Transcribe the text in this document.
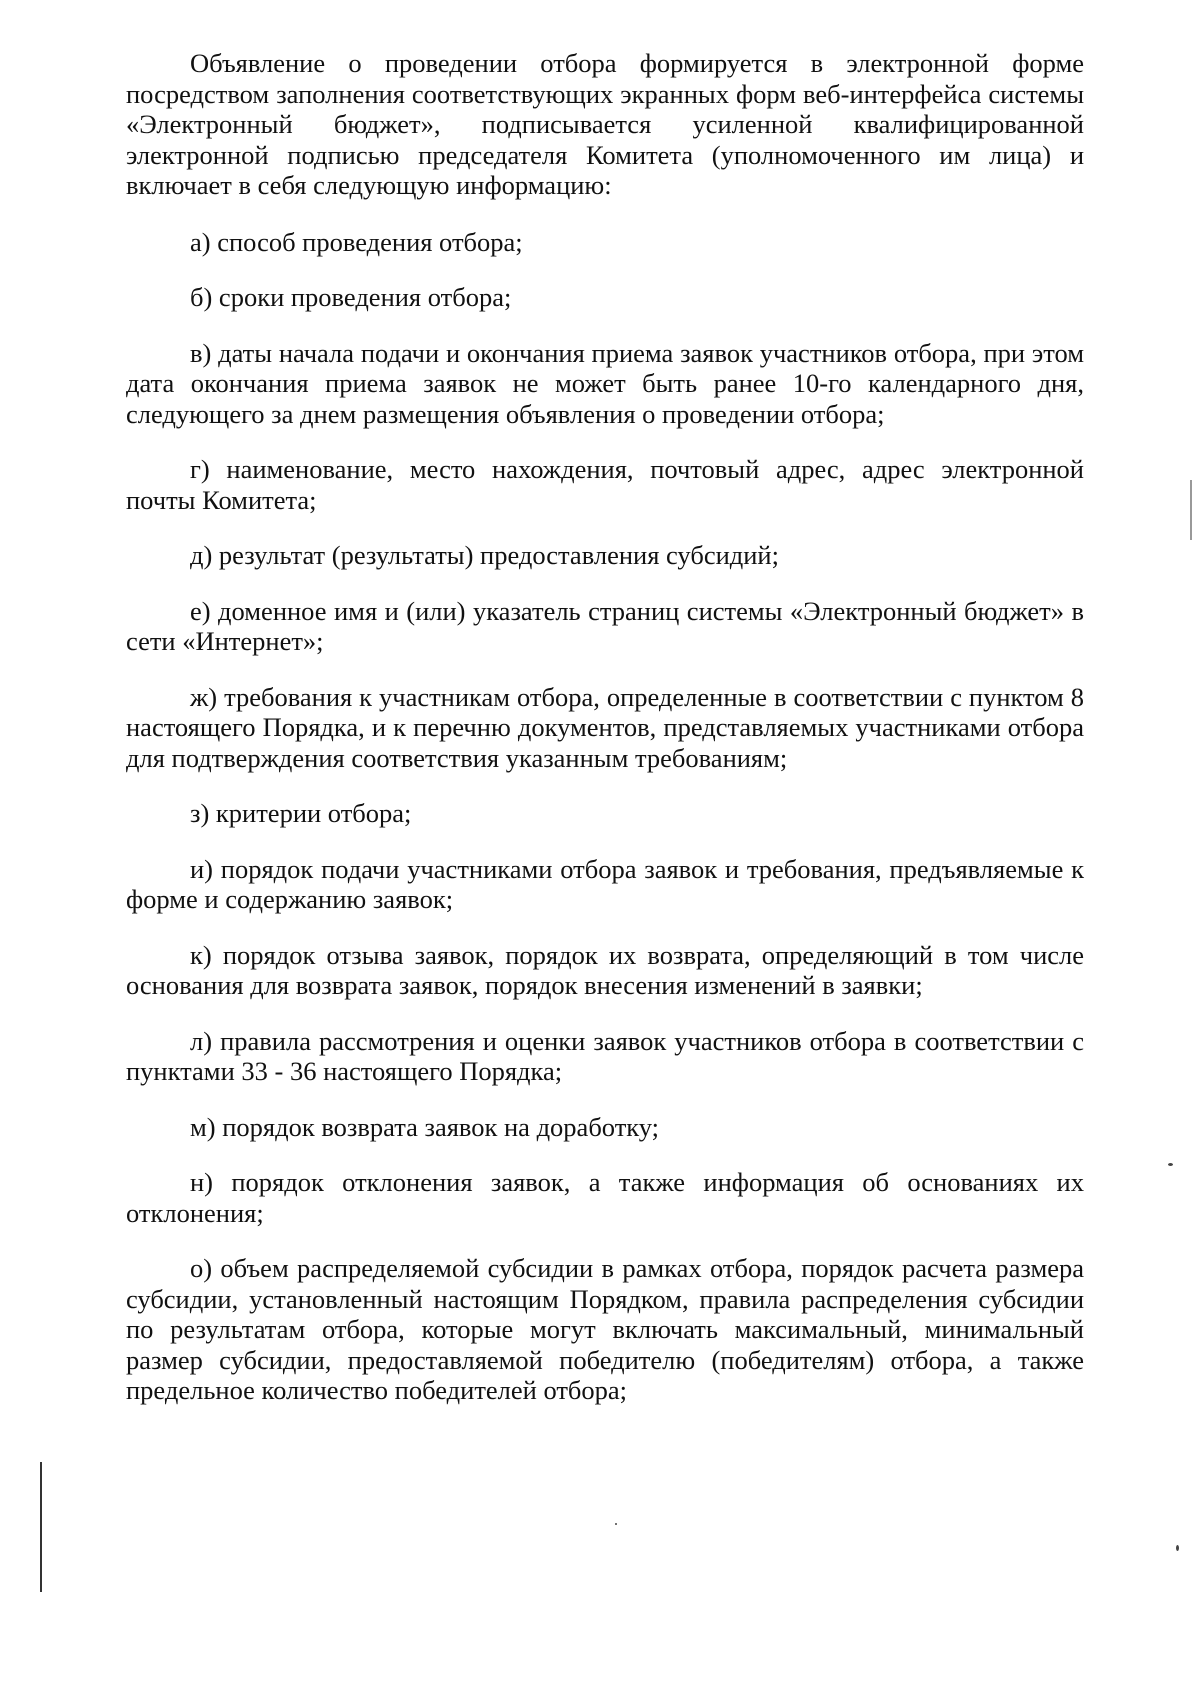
Объявление о проведении отбора формируется в электронной форме посредством заполнения соответствующих экранных форм веб-интерфейса системы «Электронный бюджет», подписывается усиленной квалифицированной электронной подписью председателя Комитета (уполномоченного им лица) и включает в себя следующую информацию:

а) способ проведения отбора;

б) сроки проведения отбора;

в) даты начала подачи и окончания приема заявок участников отбора, при этом дата окончания приема заявок не может быть ранее 10-го календарного дня, следующего за днем размещения объявления о проведении отбора;

г) наименование, место нахождения, почтовый адрес, адрес электронной почты Комитета;

д) результат (результаты) предоставления субсидий;

е) доменное имя и (или) указатель страниц системы «Электронный бюджет» в сети «Интернет»;

ж) требования к участникам отбора, определенные в соответствии с пунктом 8 настоящего Порядка, и к перечню документов, представляемых участниками отбора для подтверждения соответствия указанным требованиям;

з) критерии отбора;

и) порядок подачи участниками отбора заявок и требования, предъявляемые к форме и содержанию заявок;

к) порядок отзыва заявок, порядок их возврата, определяющий в том числе основания для возврата заявок, порядок внесения изменений в заявки;

л) правила рассмотрения и оценки заявок участников отбора в соответствии с пунктами 33 - 36 настоящего Порядка;

м) порядок возврата заявок на доработку;

н) порядок отклонения заявок, а также информация об основаниях их отклонения;

о) объем распределяемой субсидии в рамках отбора, порядок расчета размера субсидии, установленный настоящим Порядком, правила распределения субсидии по результатам отбора, которые могут включать максимальный, минимальный размер субсидии, предоставляемой победителю (победителям) отбора, а также предельное количество победителей отбора;
